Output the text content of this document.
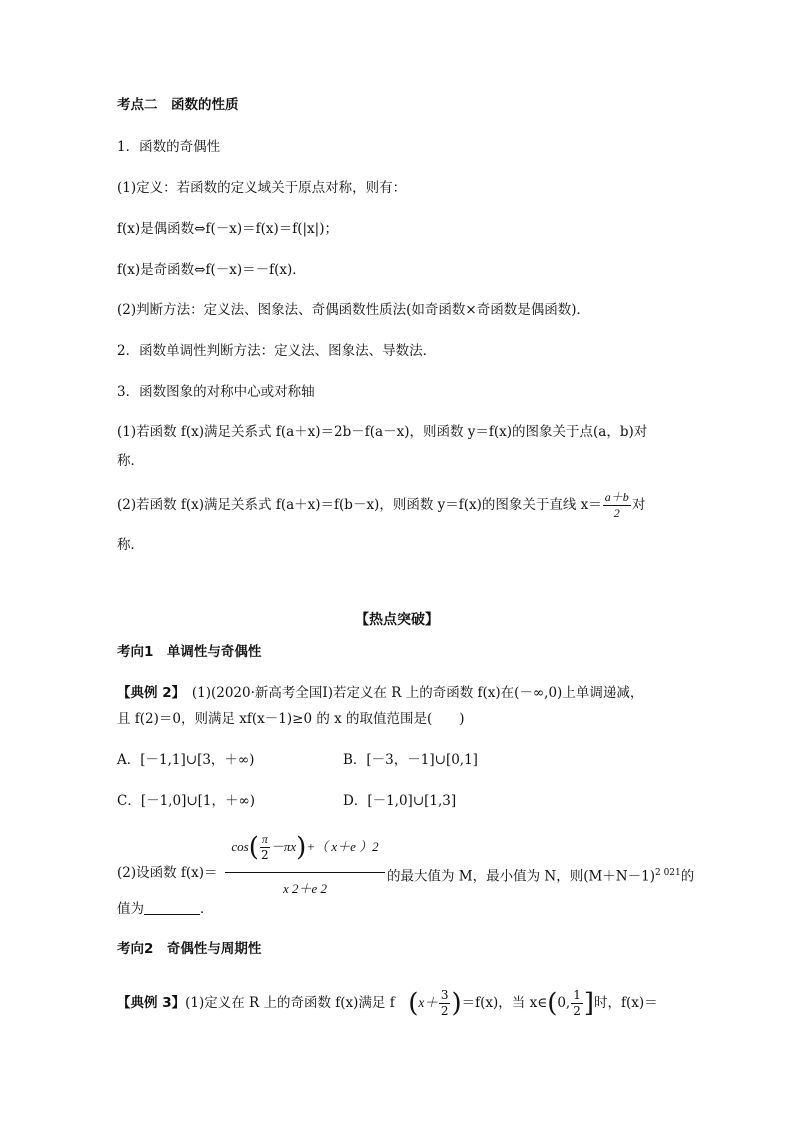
考点二　函数的性质
1．函数的奇偶性
(1)定义：若函数的定义域关于原点对称，则有：
f(x)是偶函数⇔f(－x)＝f(x)＝f(|x|)；
f(x)是奇函数⇔f(－x)＝－f(x)．
(2)判断方法：定义法、图象法、奇偶函数性质法(如奇函数×奇函数是偶函数)．
2．函数单调性判断方法：定义法、图象法、导数法．
3．函数图象的对称中心或对称轴
(1)若函数 f(x)满足关系式 f(a＋x)＝2b－f(a－x)，则函数 y＝f(x)的图象关于点(a，b)对
称．
(2)若函数 f(x)满足关系式 f(a＋x)＝f(b－x)，则函数 y＝f(x)的图象关于直线 $x= \frac{a+b}{2}$ 对
称．
【热点突破】
考向1　单调性与奇偶性
【典例 2】　(1)(2020·新高考全国Ⅰ)若定义在 R 上的奇函数 f(x)在(－∞,0)上单调递减，
且 f(2)＝0，则满足 xf(x－1)≥0 的 x 的取值范围是(　　)
A．[－1,1]∪[3，＋∞)	B．[－3，－1]∪[0,1]
C．[－1,0]∪[1，＋∞)	D．[－1,0]∪[1,3]
$\cos( \frac{\pi}{2} -\pi x)+$（ x＋e ）2
x 2＋e 2
(2)设函数 f(x)＝	的最大值为 M，最小值为 N，则$(M+N-1)^{2 021}$的
值为	．
考向2　奇偶性与周期性
【典例 3】(1)定义在 R 上的奇函数 f(x)满足 f　$(x+ \frac{3}{2} )=f(x)$，当 x∈(0, $\frac{1}{2}$ ]时，f(x)＝
